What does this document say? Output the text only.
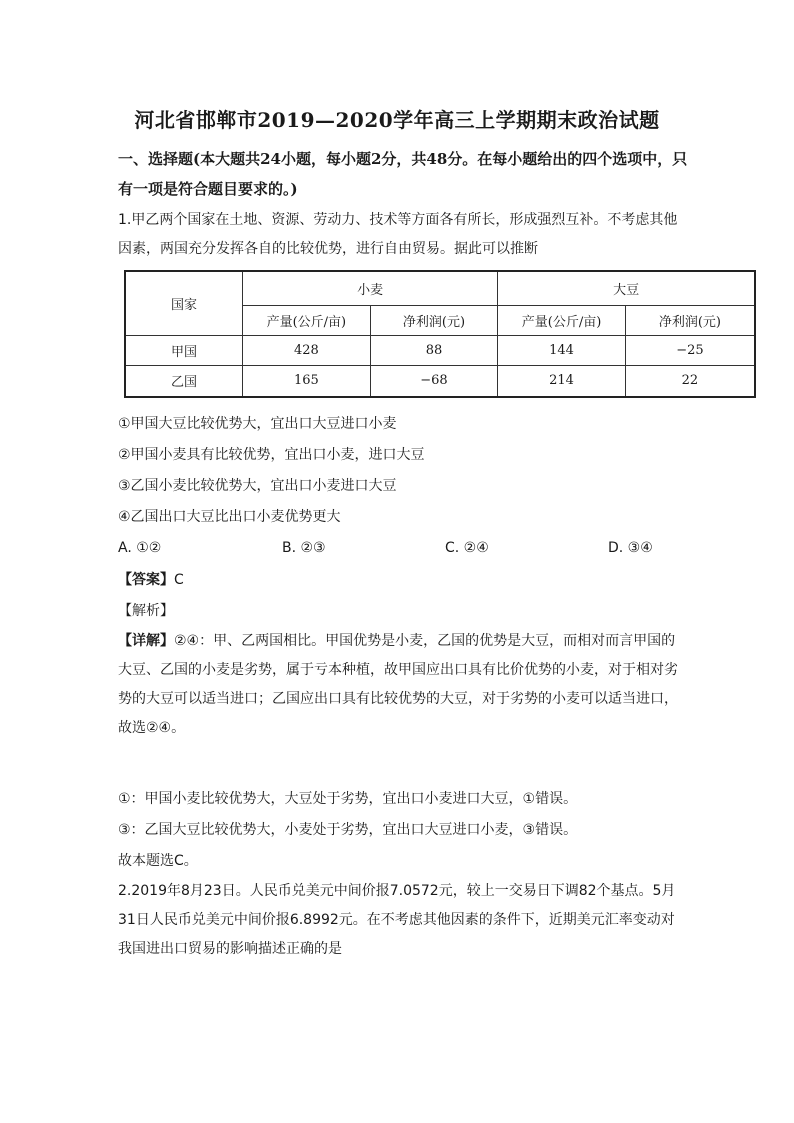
河北省邯郸市2019—2020学年高三上学期期末政治试题
一、选择题(本大题共24小题，每小题2分，共48分。在每小题给出的四个选项中，只有一项是符合题目要求的。)
1.甲乙两个国家在土地、资源、劳动力、技术等方面各有所长，形成强烈互补。不考虑其他因素，两国充分发挥各自的比较优势，进行自由贸易。据此可以推断
国家	小麦		大豆	
	产量(公斤/亩)	净利润(元)	产量(公斤/亩)	净利润(元)
甲国	428	88	144	−25
乙国	165	−68	214	22
①甲国大豆比较优势大，宜出口大豆进口小麦
②甲国小麦具有比较优势，宜出口小麦，进口大豆
③乙国小麦比较优势大，宜出口小麦进口大豆
④乙国出口大豆比出口小麦优势更大
A. ①②	B. ②③	C. ②④	D. ③④
【答案】C
【解析】
【详解】②④：甲、乙两国相比。甲国优势是小麦，乙国的优势是大豆，而相对而言甲国的大豆、乙国的小麦是劣势，属于亏本种植，故甲国应出口具有比价优势的小麦，对于相对劣势的大豆可以适当进口；乙国应出口具有比较优势的大豆，对于劣势的小麦可以适当进口，故选②④。
①：甲国小麦比较优势大，大豆处于劣势，宜出口小麦进口大豆，①错误。
③：乙国大豆比较优势大，小麦处于劣势，宜出口大豆进口小麦，③错误。
故本题选C。
2.2019年8月23日。人民币兑美元中间价报7.0572元，较上一交易日下调82个基点。5月31日人民币兑美元中间价报6.8992元。在不考虑其他因素的条件下，近期美元汇率变动对我国进出口贸易的影响描述正确的是
